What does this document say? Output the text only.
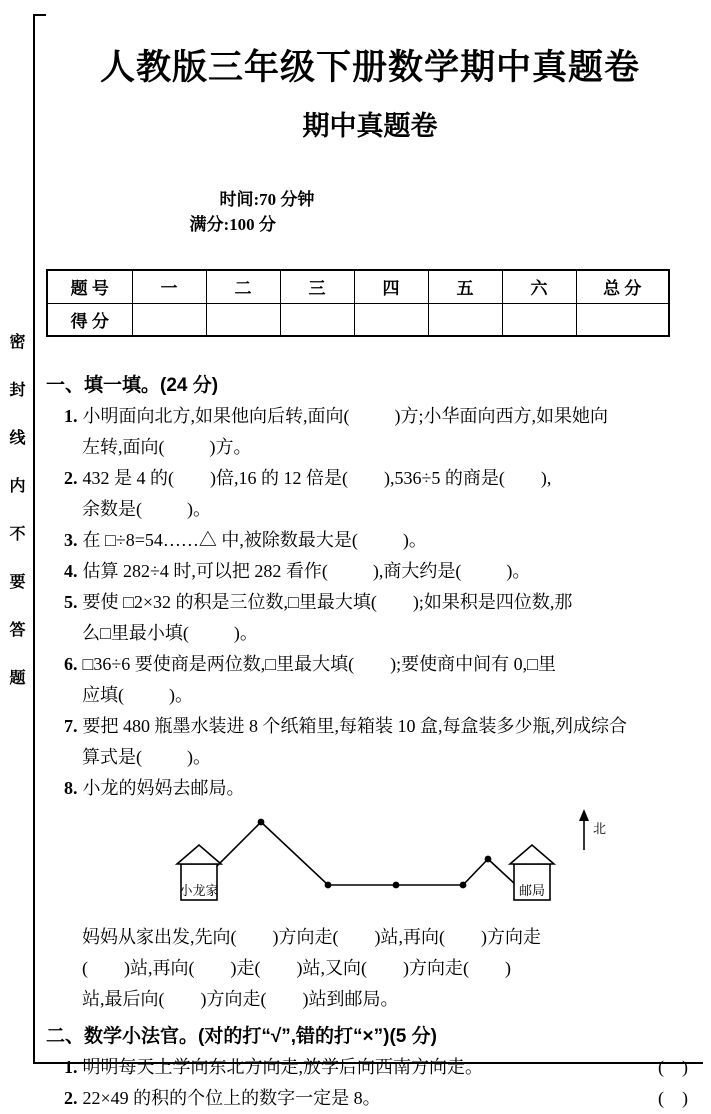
密封线内不要答题
人教版三年级下册数学期中真题卷
期中真题卷

时间:70 分钟
满分:100 分

题 号	一	二	三	四	五	六	总 分
得 分							
一、填一填。(24 分)
1. 小明面向北方,如果他向后转,面向(          )方;小华面向西方,如果她向
左转,面向(          )方。
2. 432 是 4 的(        )倍,16 的 12 倍是(        ),536÷5 的商是(        ),
余数是(          )。
3. 在 □÷8=54……△ 中,被除数最大是(          )。
4. 估算 282÷4 时,可以把 282 看作(          ),商大约是(          )。
5. 要使 □2×32 的积是三位数,□里最大填(        );如果积是四位数,那
么□里最小填(          )。
6. □36÷6 要使商是两位数,□里最大填(        );要使商中间有 0,□里
应填(          )。
7. 要把 480 瓶墨水装进 8 个纸箱里,每箱装 10 盒,每盒装多少瓶,列成综合
算式是(          )。
8. 小龙的妈妈去邮局。
小龙家	邮局
北
妈妈从家出发,先向(        )方向走(        )站,再向(        )方向走
(        )站,再向(        )走(        )站,又向(        )方向走(        )
站,最后向(        )方向走(        )站到邮局。
二、数学小法官。(对的打“√”,错的打“×”)(5 分)
1. 明明每天上学向东北方向走,放学后向西南方向走。	(    )
2. 22×49 的积的个位上的数字一定是 8。	(    )
